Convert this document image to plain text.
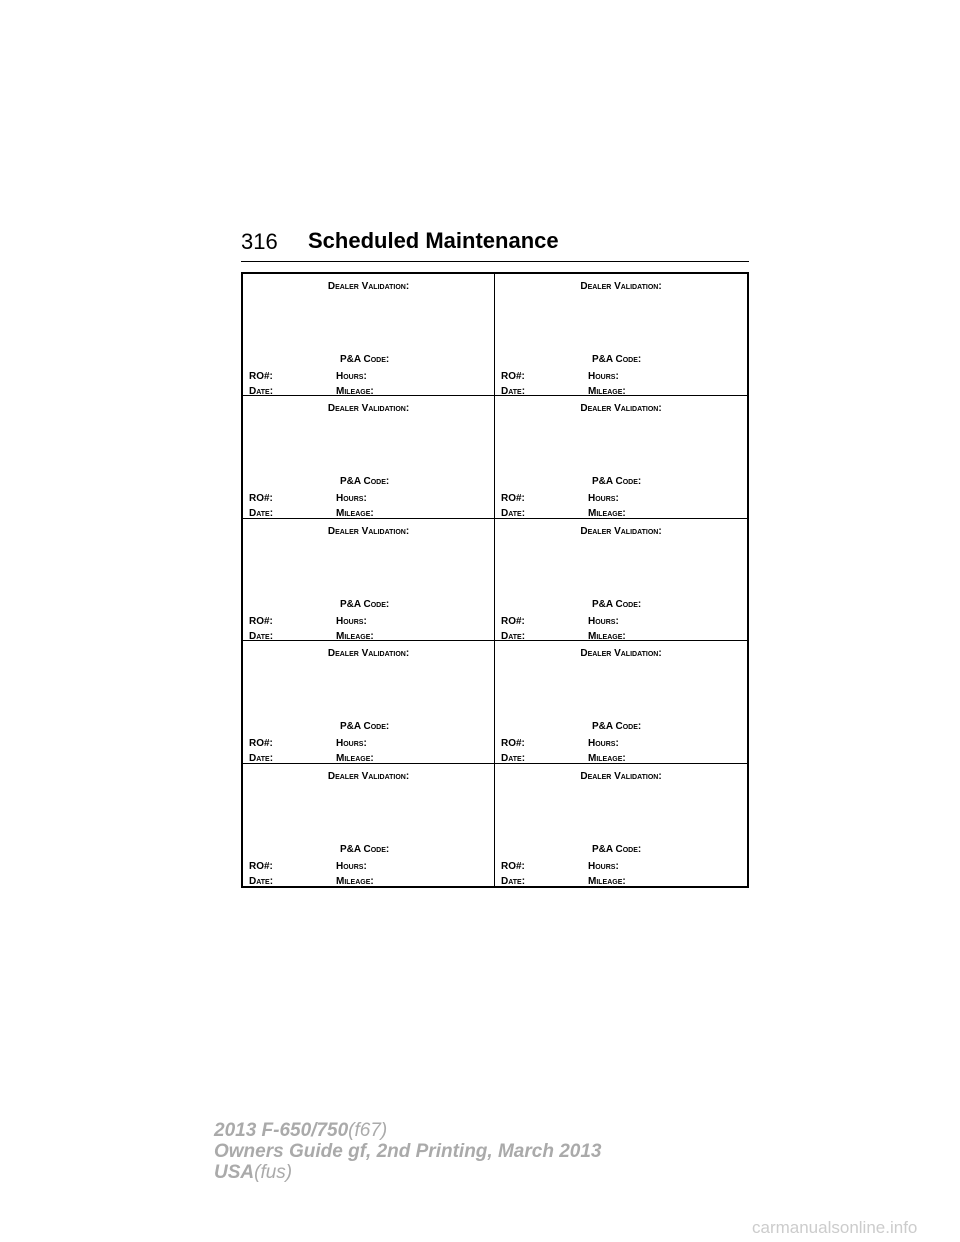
316 Scheduled Maintenance
Dealer Validation:
P&A Code:
RO#:	Hours:
Date:	Mileage:
Dealer Validation:
P&A Code:
RO#:	Hours:
Date:	Mileage:
Dealer Validation:
P&A Code:
RO#:	Hours:
Date:	Mileage:
Dealer Validation:
P&A Code:
RO#:	Hours:
Date:	Mileage:
Dealer Validation:
P&A Code:
RO#:	Hours:
Date:	Mileage:
Dealer Validation:
P&A Code:
RO#:	Hours:
Date:	Mileage:
Dealer Validation:
P&A Code:
RO#:	Hours:
Date:	Mileage:
Dealer Validation:
P&A Code:
RO#:	Hours:
Date:	Mileage:
Dealer Validation:
P&A Code:
RO#:	Hours:
Date:	Mileage:
Dealer Validation:
P&A Code:
RO#:	Hours:
Date:	Mileage:
2013 F-650/750(f67)
Owners Guide gf, 2nd Printing, March 2013
USA(fus)
carmanualsonline.info
